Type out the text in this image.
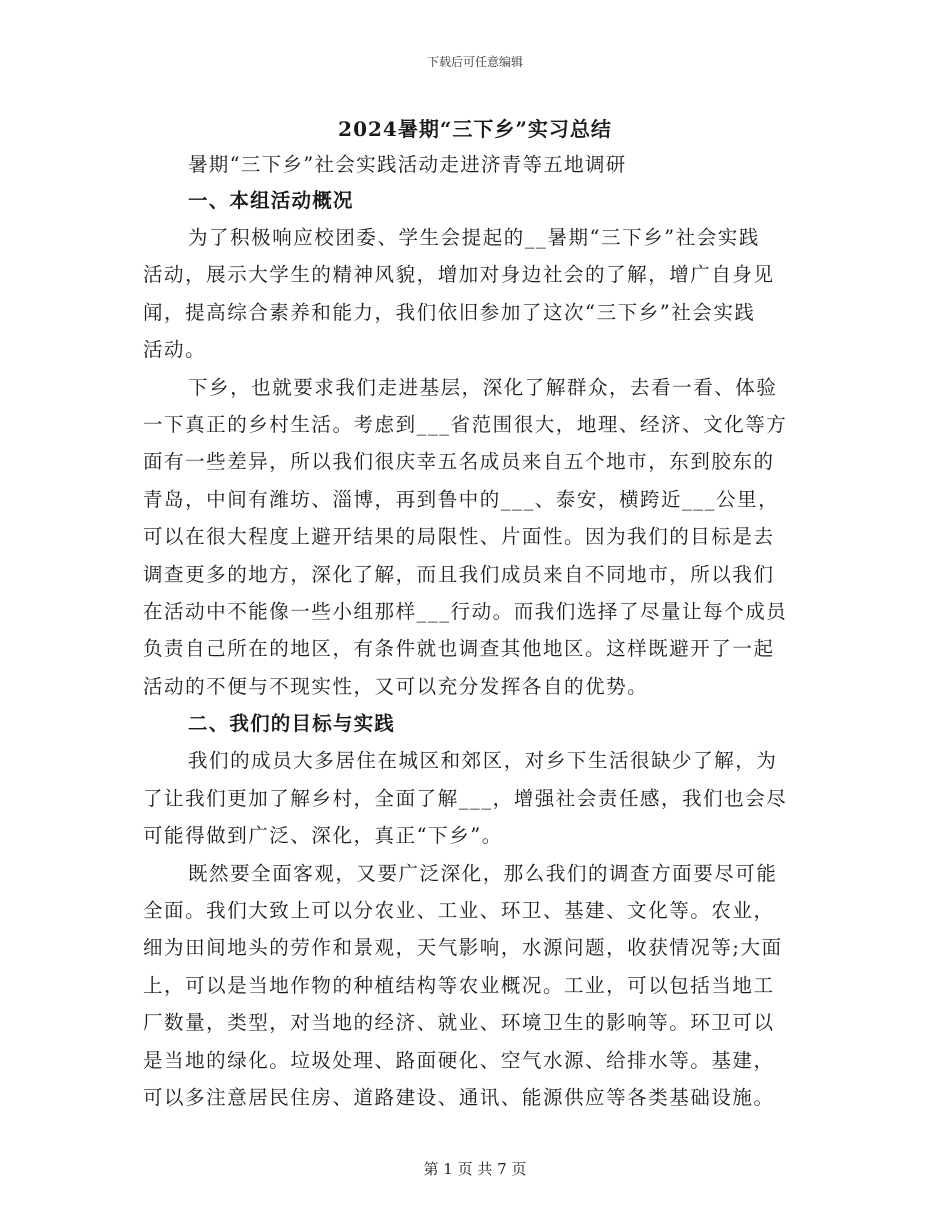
下载后可任意编辑
2024暑期“三下乡”实习总结
暑期“三下乡”社会实践活动走进济青等五地调研
一、本组活动概况

为了积极响应校团委、学生会提起的__暑期“三下乡”社会实践
活动，展示大学生的精神风貌，增加对身边社会的了解，增广自身见
闻，提高综合素养和能力，我们依旧参加了这次“三下乡”社会实践
活动。

下乡，也就要求我们走进基层，深化了解群众，去看一看、体验
一下真正的乡村生活。考虑到___省范围很大，地理、经济、文化等方
面有一些差异，所以我们很庆幸五名成员来自五个地市，东到胶东的
青岛，中间有潍坊、淄博，再到鲁中的___、泰安，横跨近___公里，
可以在很大程度上避开结果的局限性、片面性。因为我们的目标是去
调查更多的地方，深化了解，而且我们成员来自不同地市，所以我们
在活动中不能像一些小组那样___行动。而我们选择了尽量让每个成员
负责自己所在的地区，有条件就也调查其他地区。这样既避开了一起
活动的不便与不现实性，又可以充分发挥各自的优势。

二、我们的目标与实践

我们的成员大多居住在城区和郊区，对乡下生活很缺少了解，为
了让我们更加了解乡村，全面了解___，增强社会责任感，我们也会尽
可能得做到广泛、深化，真正“下乡”。

既然要全面客观，又要广泛深化，那么我们的调查方面要尽可能
全面。我们大致上可以分农业、工业、环卫、基建、文化等。农业，
细为田间地头的劳作和景观，天气影响，水源问题，收获情况等;大面
上，可以是当地作物的种植结构等农业概况。工业，可以包括当地工
厂数量，类型，对当地的经济、就业、环境卫生的影响等。环卫可以
是当地的绿化。垃圾处理、路面硬化、空气水源、给排水等。基建，
可以多注意居民住房、道路建设、通讯、能源供应等各类基础设施。

第 1 页 共 7 页
